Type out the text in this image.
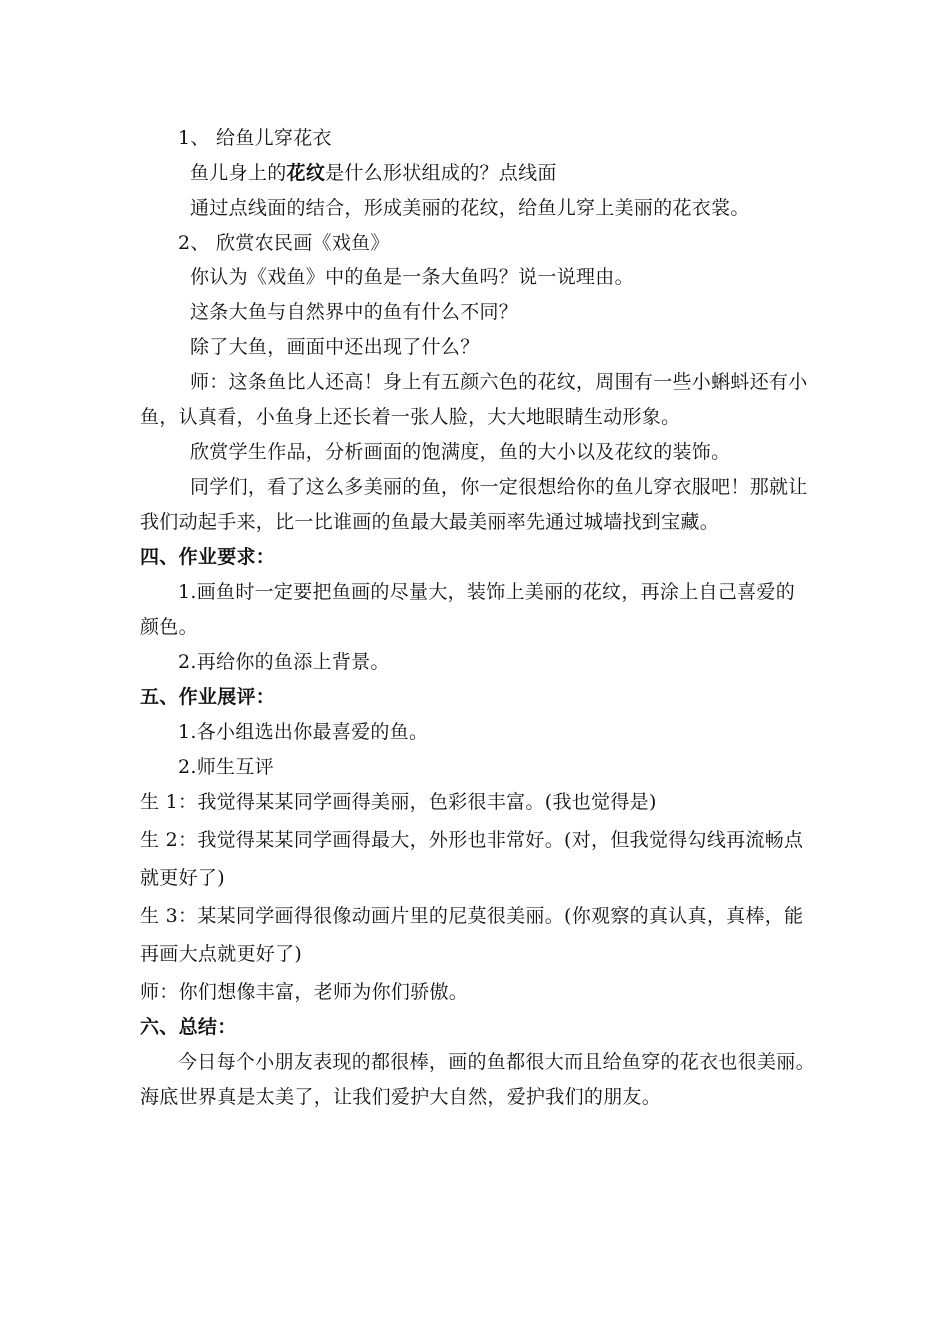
1、 给鱼儿穿花衣
鱼儿身上的花纹是什么形状组成的？点线面
通过点线面的结合，形成美丽的花纹，给鱼儿穿上美丽的花衣裳。
2、 欣赏农民画《戏鱼》
你认为《戏鱼》中的鱼是一条大鱼吗？说一说理由。
这条大鱼与自然界中的鱼有什么不同？
除了大鱼，画面中还出现了什么？
师：这条鱼比人还高！身上有五颜六色的花纹，周围有一些小蝌蚪还有小
鱼，认真看，小鱼身上还长着一张人脸，大大地眼睛生动形象。
欣赏学生作品，分析画面的饱满度，鱼的大小以及花纹的装饰。
同学们，看了这么多美丽的鱼，你一定很想给你的鱼儿穿衣服吧！那就让
我们动起手来，比一比谁画的鱼最大最美丽率先通过城墙找到宝藏。
四、作业要求：
1.画鱼时一定要把鱼画的尽量大，装饰上美丽的花纹，再涂上自己喜爱的
颜色。
2.再给你的鱼添上背景。
五、作业展评：
1.各小组选出你最喜爱的鱼。
2.师生互评
生 1：我觉得某某同学画得美丽，色彩很丰富。(我也觉得是)
生 2：我觉得某某同学画得最大，外形也非常好。(对，但我觉得勾线再流畅点
就更好了)
生 3：某某同学画得很像动画片里的尼莫很美丽。(你观察的真认真，真棒，能
再画大点就更好了)
师：你们想像丰富，老师为你们骄傲。
六、总结：
今日每个小朋友表现的都很棒，画的鱼都很大而且给鱼穿的花衣也很美丽。
海底世界真是太美了，让我们爱护大自然，爱护我们的朋友。
